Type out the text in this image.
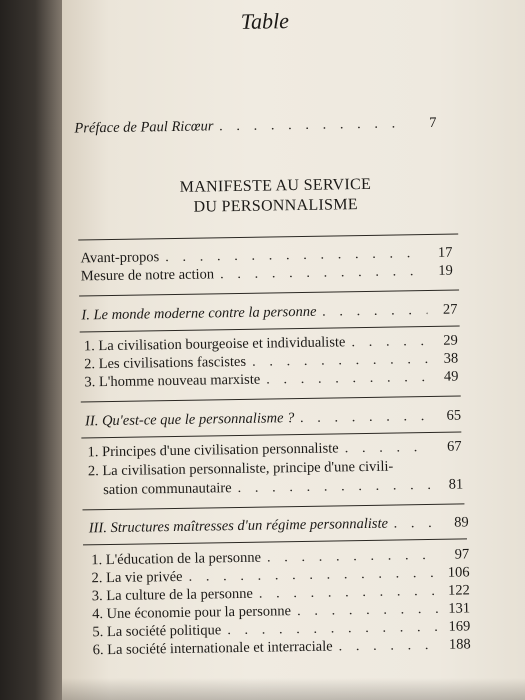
Table
Préface de Paul Ricœur . . .	7
MANIFESTE AU SERVICE
DU PERSONNALISME
Avant-propos . . .	17
Mesure de notre action . . .	19
I. Le monde moderne contre la personne . . .	27
1. La civilisation bourgeoise et individualiste . . .	29
2. Les civilisations fascistes . . .	38
3. L'homme nouveau marxiste . . .	49
II. Qu'est-ce que le personnalisme ? . . .	65
1. Principes d'une civilisation personnaliste . . .	67
2. La civilisation personnaliste, principe d'une civili-
sation communautaire . . .	81
III. Structures maîtresses d'un régime personnaliste . . .	89
1. L'éducation de la personne . . .	97
2. La vie privée . . .	106
3. La culture de la personne . . .	122
4. Une économie pour la personne . . .	131
5. La société politique . . .	169
6. La société internationale et interraciale . . .	188
